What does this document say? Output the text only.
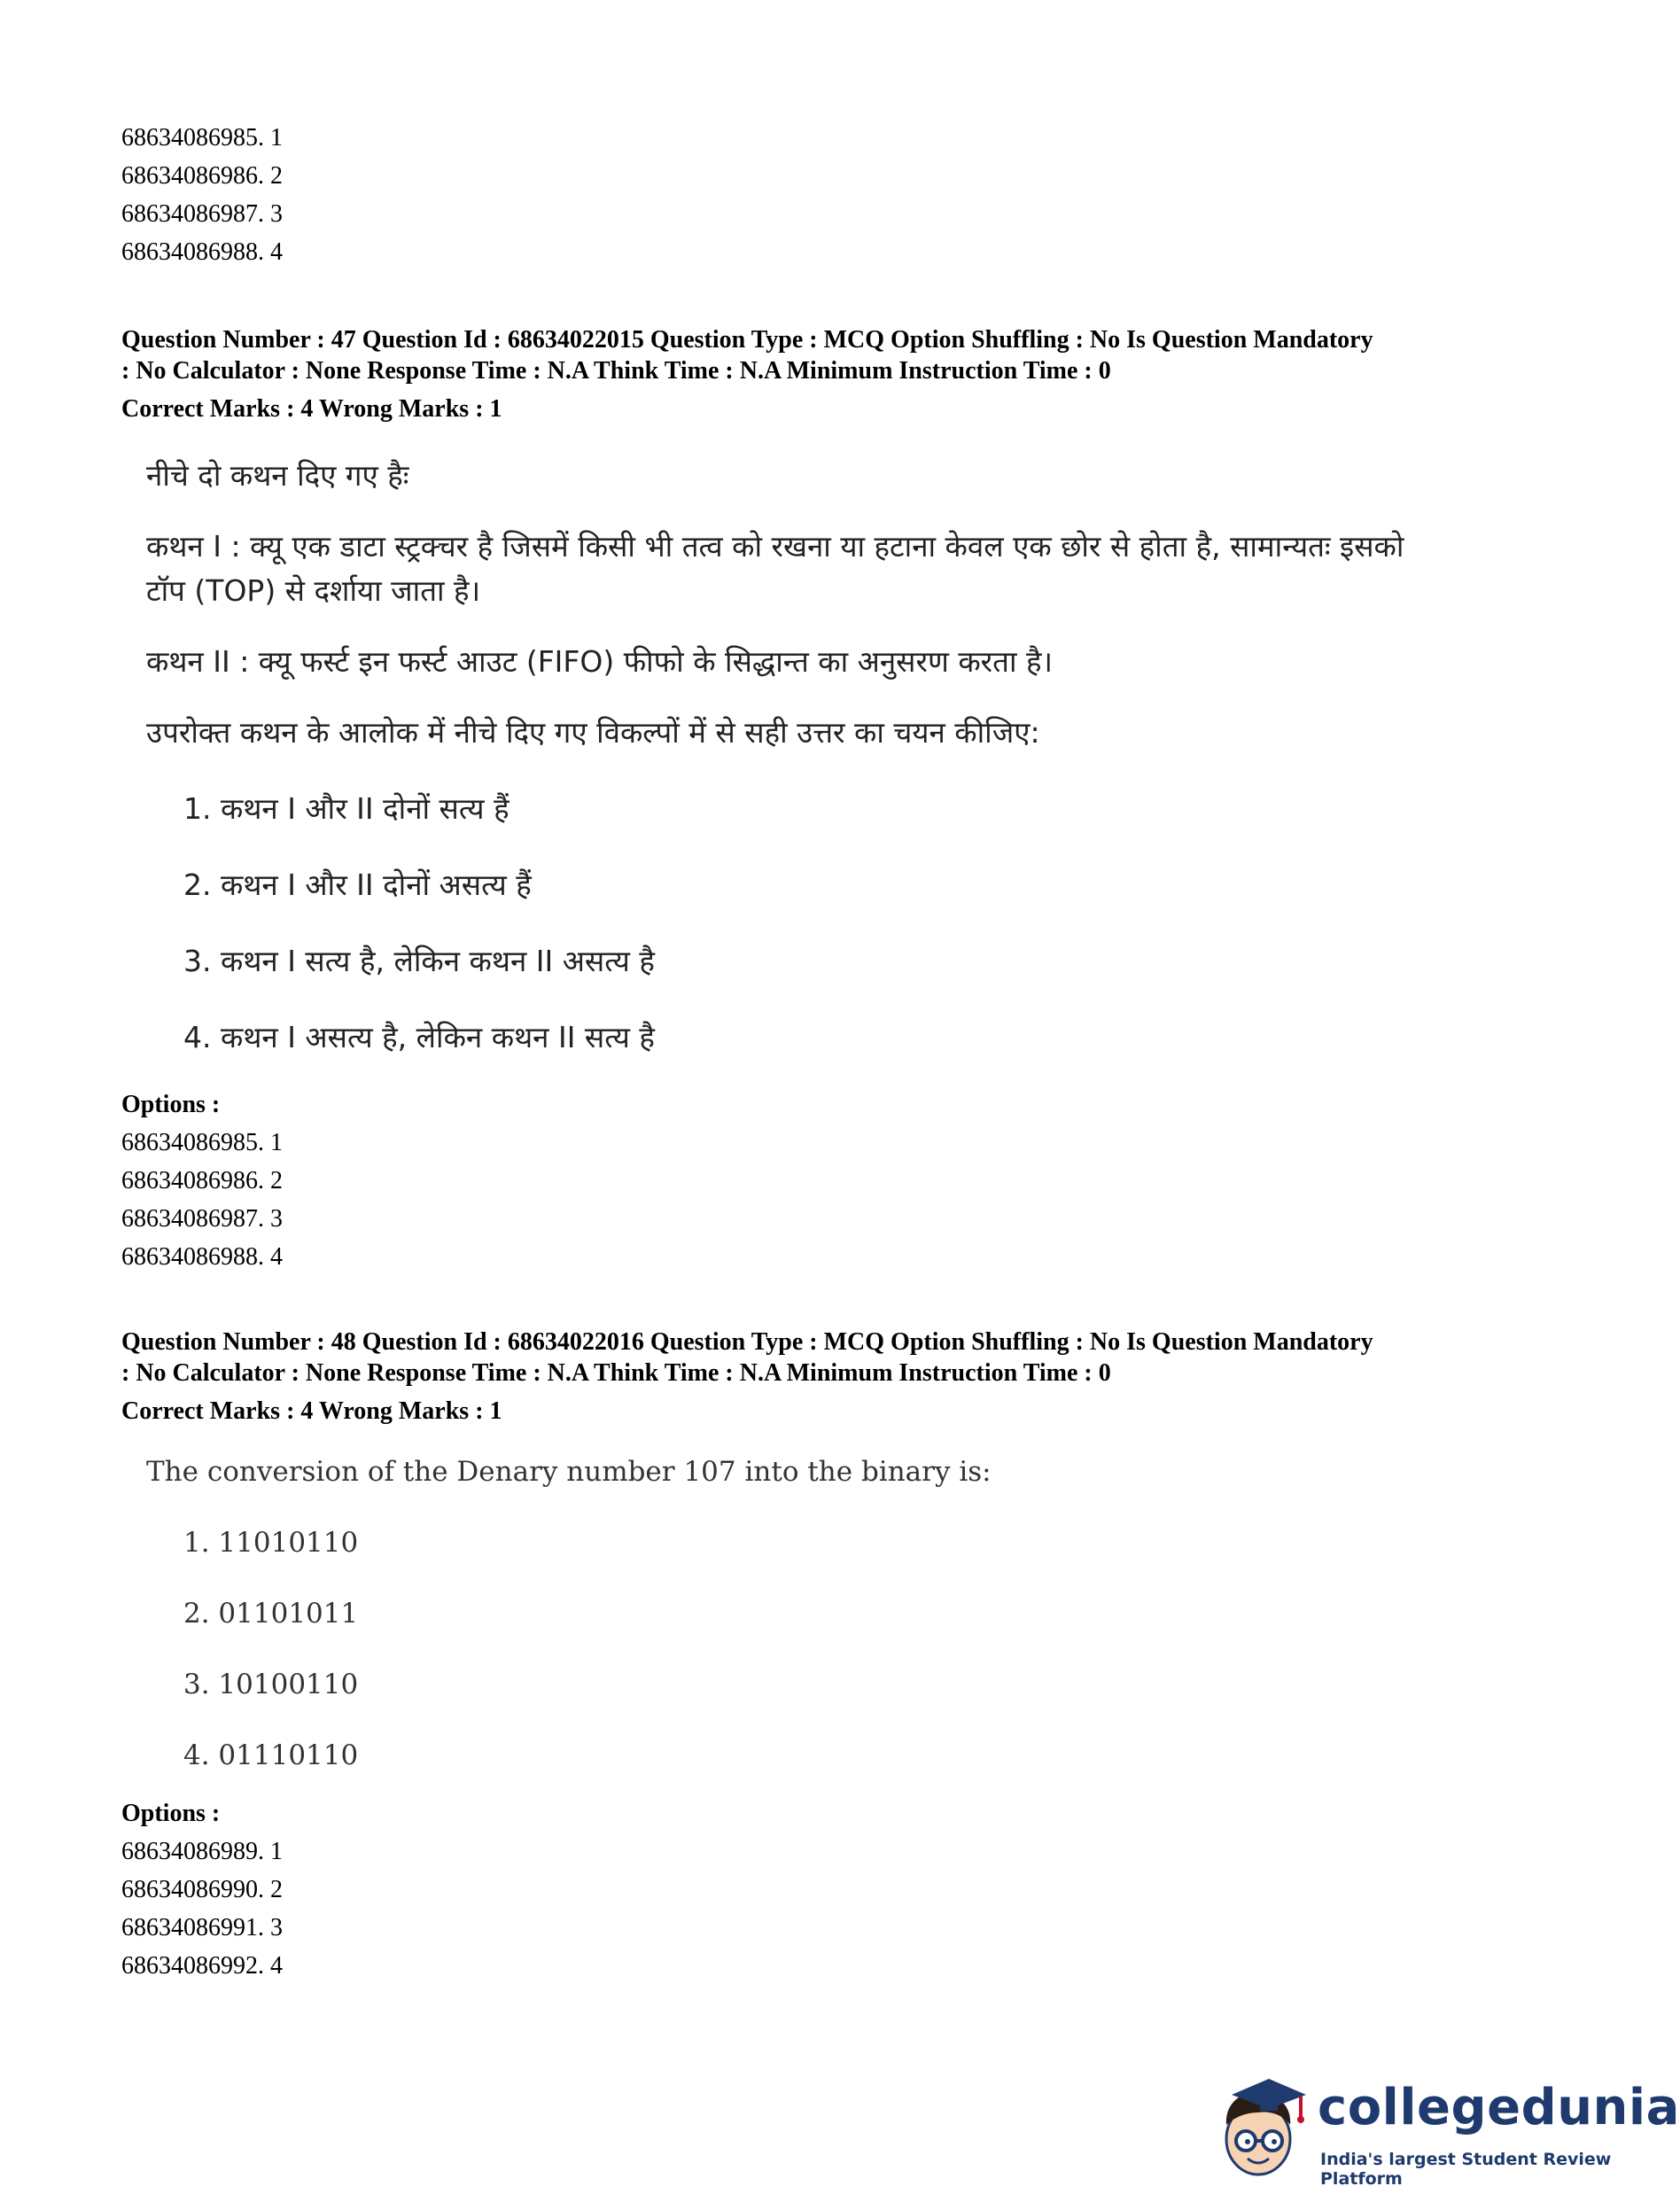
68634086985. 1
68634086986. 2
68634086987. 3
68634086988. 4

Question Number : 47 Question Id : 68634022015 Question Type : MCQ Option Shuffling : No Is Question Mandatory

: No Calculator : None Response Time : N.A Think Time : N.A Minimum Instruction Time : 0

Correct Marks : 4 Wrong Marks : 1

नीचे दो कथन दिए गए हैः

कथन I : क्यू एक डाटा स्ट्रक्चर है जिसमें किसी भी तत्व को रखना या हटाना केवल एक छोर से होता है, सामान्यतः इसको

टॉप (TOP) से दर्शाया जाता है।

कथन II : क्यू फर्स्ट इन फर्स्ट आउट (FIFO) फीफो के सिद्धान्त का अनुसरण करता है।

उपरोक्त कथन के आलोक में नीचे दिए गए विकल्पों में से सही उत्तर का चयन कीजिए:

1. कथन I और II दोनों सत्य हैं

2. कथन I और II दोनों असत्य हैं

3. कथन I सत्य है, लेकिन कथन II असत्य है

4. कथन I असत्य है, लेकिन कथन II सत्य है

Options :
68634086985. 1
68634086986. 2
68634086987. 3
68634086988. 4

Question Number : 48 Question Id : 68634022016 Question Type : MCQ Option Shuffling : No Is Question Mandatory

: No Calculator : None Response Time : N.A Think Time : N.A Minimum Instruction Time : 0

Correct Marks : 4 Wrong Marks : 1

The conversion of the Denary number 107 into the binary is:

1. 11010110

2. 01101011

3. 10100110

4. 01110110

Options :
68634086989. 1
68634086990. 2
68634086991. 3
68634086992. 4
collegedunia
India's largest Student Review Platform
